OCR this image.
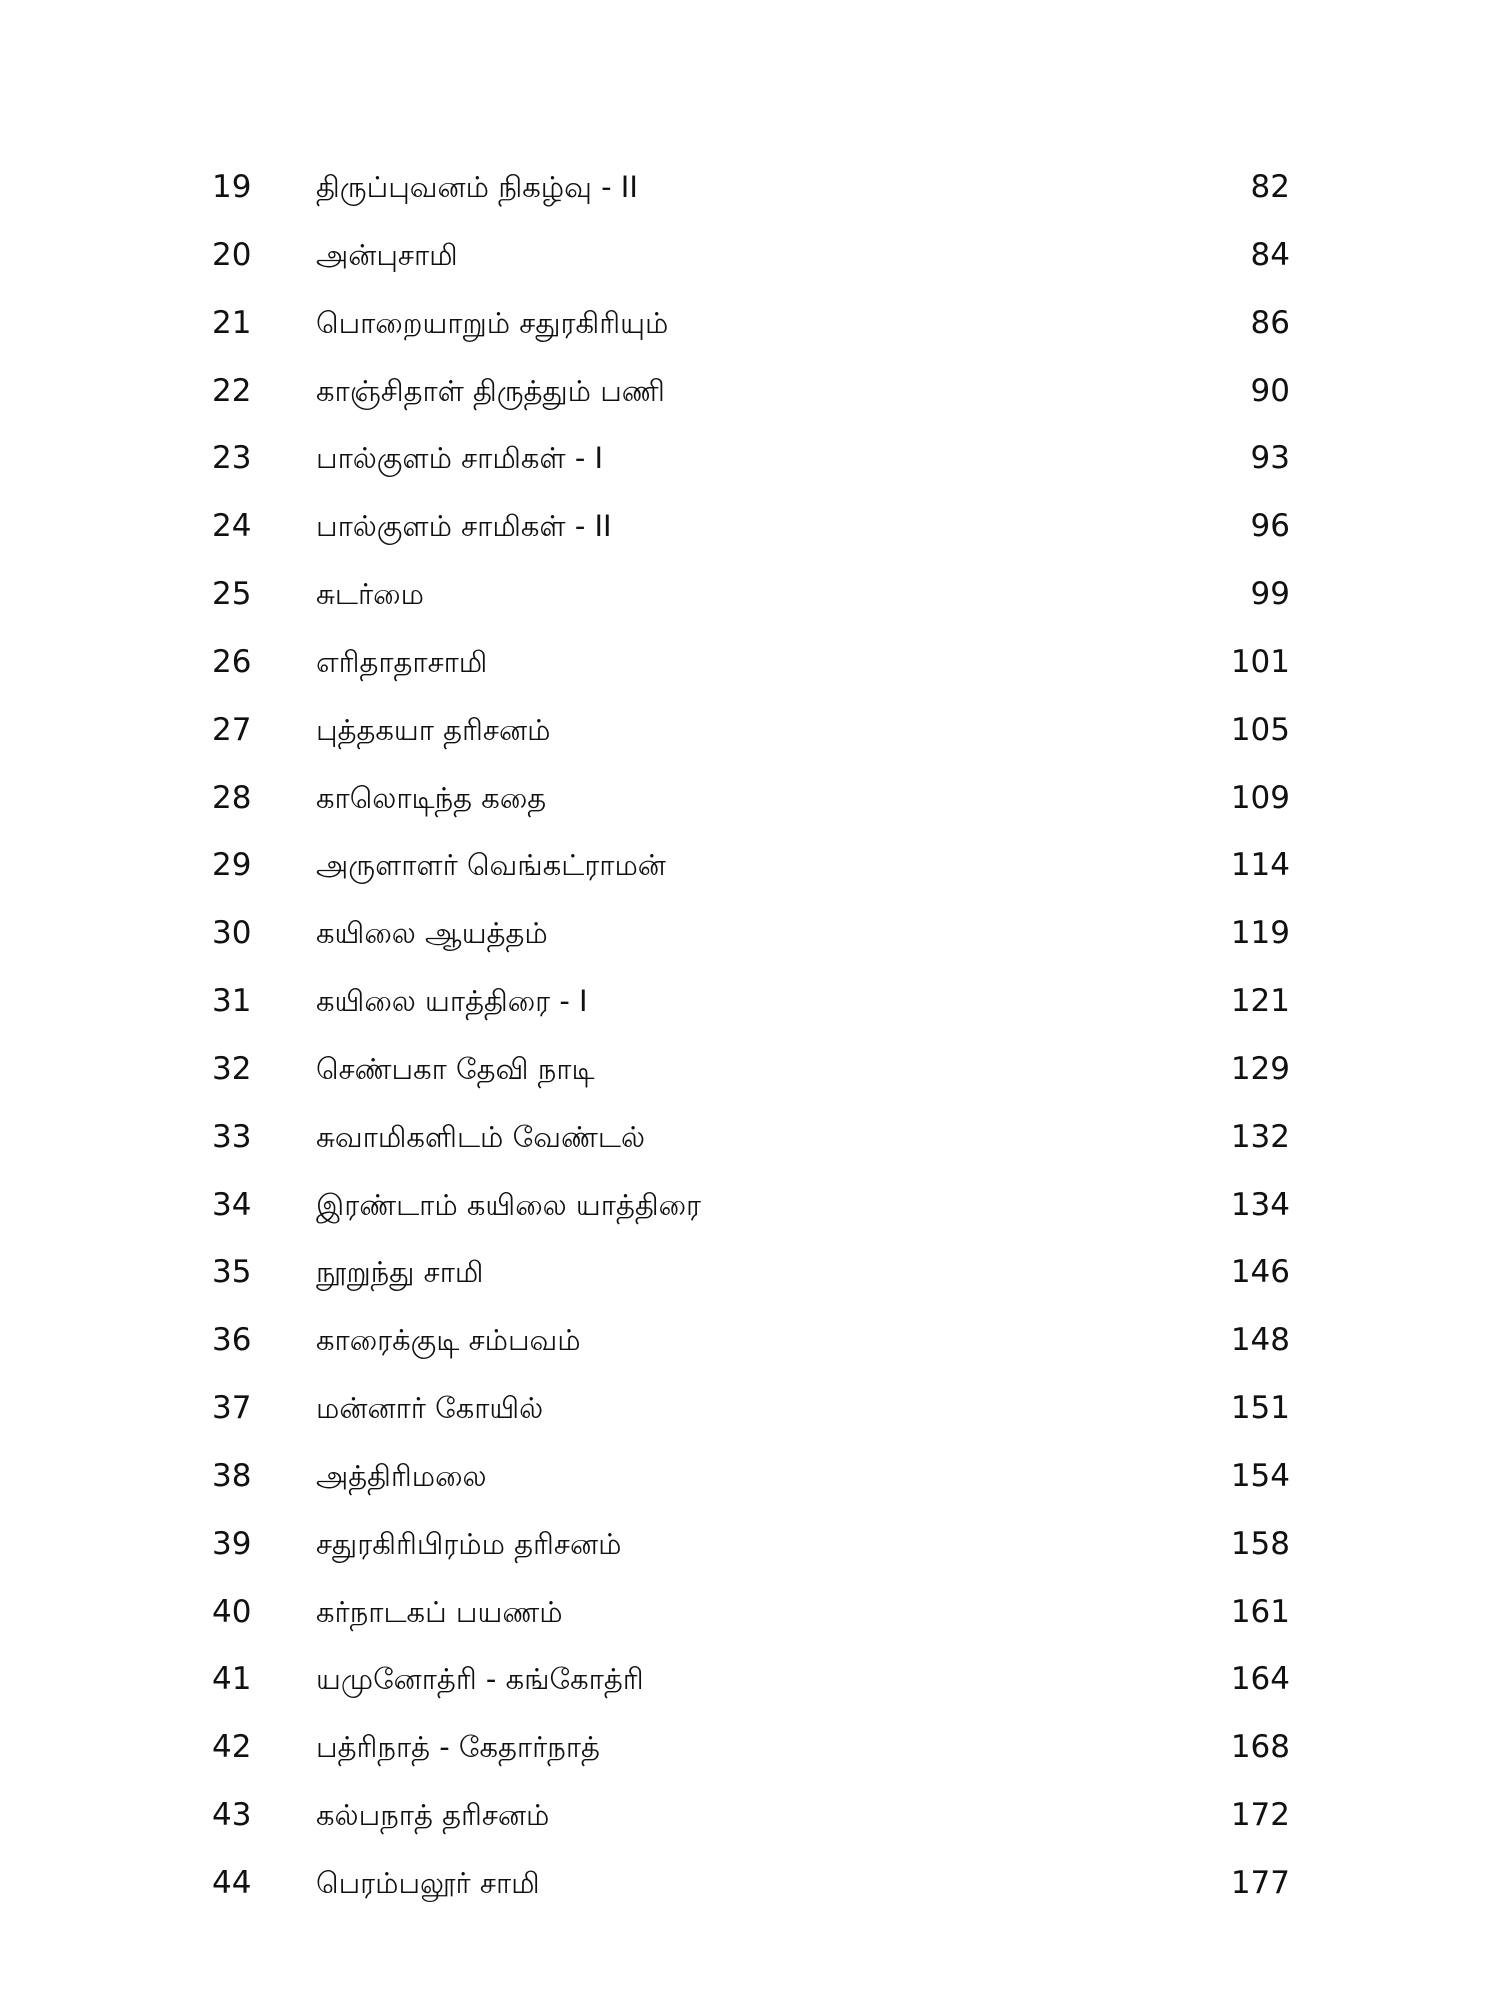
19 திருப்புவனம் நிகழ்வு - II	82
20 அன்புசாமி	84
21 பொறையாறும் சதுரகிரியும்	86
22 காஞ்சிதாள் திருத்தும் பணி	90
23 பால்குளம் சாமிகள் - I	93
24 பால்குளம் சாமிகள் - II	96
25 சுடர்மை	99
26 எரிதாதாசாமி	101
27 புத்தகயா தரிசனம்	105
28 காலொடிந்த கதை	109
29 அருளாளர் வெங்கட்ராமன்	114
30 கயிலை ஆயத்தம்	119
31 கயிலை யாத்திரை - I	121
32 செண்பகா தேவி நாடி	129
33 சுவாமிகளிடம் வேண்டல்	132
34 இரண்டாம் கயிலை யாத்திரை	134
35 நூறுந்து சாமி	146
36 காரைக்குடி சம்பவம்	148
37 மன்னார் கோயில்	151
38 அத்திரிமலை	154
39 சதுரகிரிபிரம்ம தரிசனம்	158
40 கர்நாடகப் பயணம்	161
41 யமுனோத்ரி - கங்கோத்ரி	164
42 பத்ரிநாத் - கேதார்நாத்	168
43 கல்பநாத் தரிசனம்	172
44 பெரம்பலூர் சாமி	177
